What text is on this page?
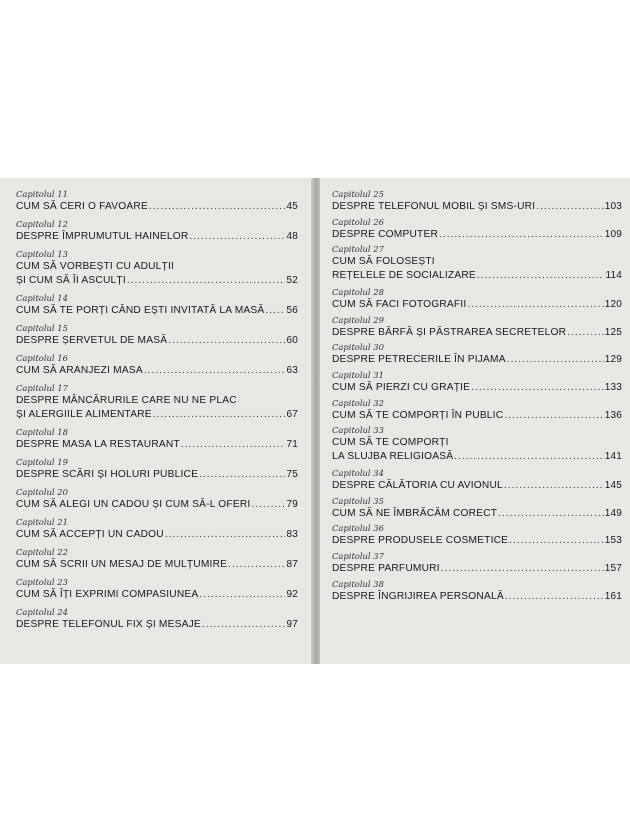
Capitolul 11
CUM SĂ CERI O FAVOARE .....	45
Capitolul 12
DESPRE ÎMPRUMUTUL HAINELOR .....	48
Capitolul 13
CUM SĂ VORBEȘTI CU ADULȚII
ȘI CUM SĂ ÎI ASCULȚI .....	52
Capitolul 14
CUM SĂ TE PORȚI CÂND EȘTI INVITATĂ LA MASĂ ..... 56
Capitolul 15
DESPRE ȘERVETUL DE MASĂ .....	60
Capitolul 16
CUM SĂ ARANJEZI MASA .....	63
Capitolul 17
DESPRE MÂNCĂRURILE CARE NU NE PLAC
ȘI ALERGIILE ALIMENTARE .....	67
Capitolul 18
DESPRE MASA LA RESTAURANT .....	71
Capitolul 19
DESPRE SCĂRI ȘI HOLURI PUBLICE .....	75
Capitolul 20
CUM SĂ ALEGI UN CADOU ȘI CUM SĂ-L OFERI .....	79
Capitolul 21
CUM SĂ ACCEPȚI UN CADOU .....	83
Capitolul 22
CUM SĂ SCRII UN MESAJ DE MULȚUMIRE .....	87
Capitolul 23
CUM SĂ ÎȚI EXPRIMI COMPASIUNEA .....	92
Capitolul 24
DESPRE TELEFONUL FIX ȘI MESAJE .....	97
Capitolul 25
DESPRE TELEFONUL MOBIL ȘI SMS-URI .....	103
Capitolul 26
DESPRE COMPUTER .....	109
Capitolul 27
CUM SĂ FOLOSEȘTI
REȚELELE DE SOCIALIZARE .....	114
Capitolul 28
CUM SĂ FACI FOTOGRAFII .....	120
Capitolul 29
DESPRE BÂRFĂ ȘI PĂSTRAREA SECRETELOR .....	125
Capitolul 30
DESPRE PETRECERILE ÎN PIJAMA .....	129
Capitolul 31
CUM SĂ PIERZI CU GRAȚIE .....	133
Capitolul 32
CUM SĂ TE COMPORȚI ÎN PUBLIC .....	136
Capitolul 33
CUM SĂ TE COMPORȚI
LA SLUJBA RELIGIOASĂ .....	141
Capitolul 34
DESPRE CĂLĂTORIA CU AVIONUL .....	145
Capitolul 35
CUM SĂ NE ÎMBRĂCĂM CORECT .....	149
Capitolul 36
DESPRE PRODUSELE COSMETICE .....	153
Capitolul 37
DESPRE PARFUMURI .....	157
Capitolul 38
DESPRE ÎNGRIJIREA PERSONALĂ .....	161
